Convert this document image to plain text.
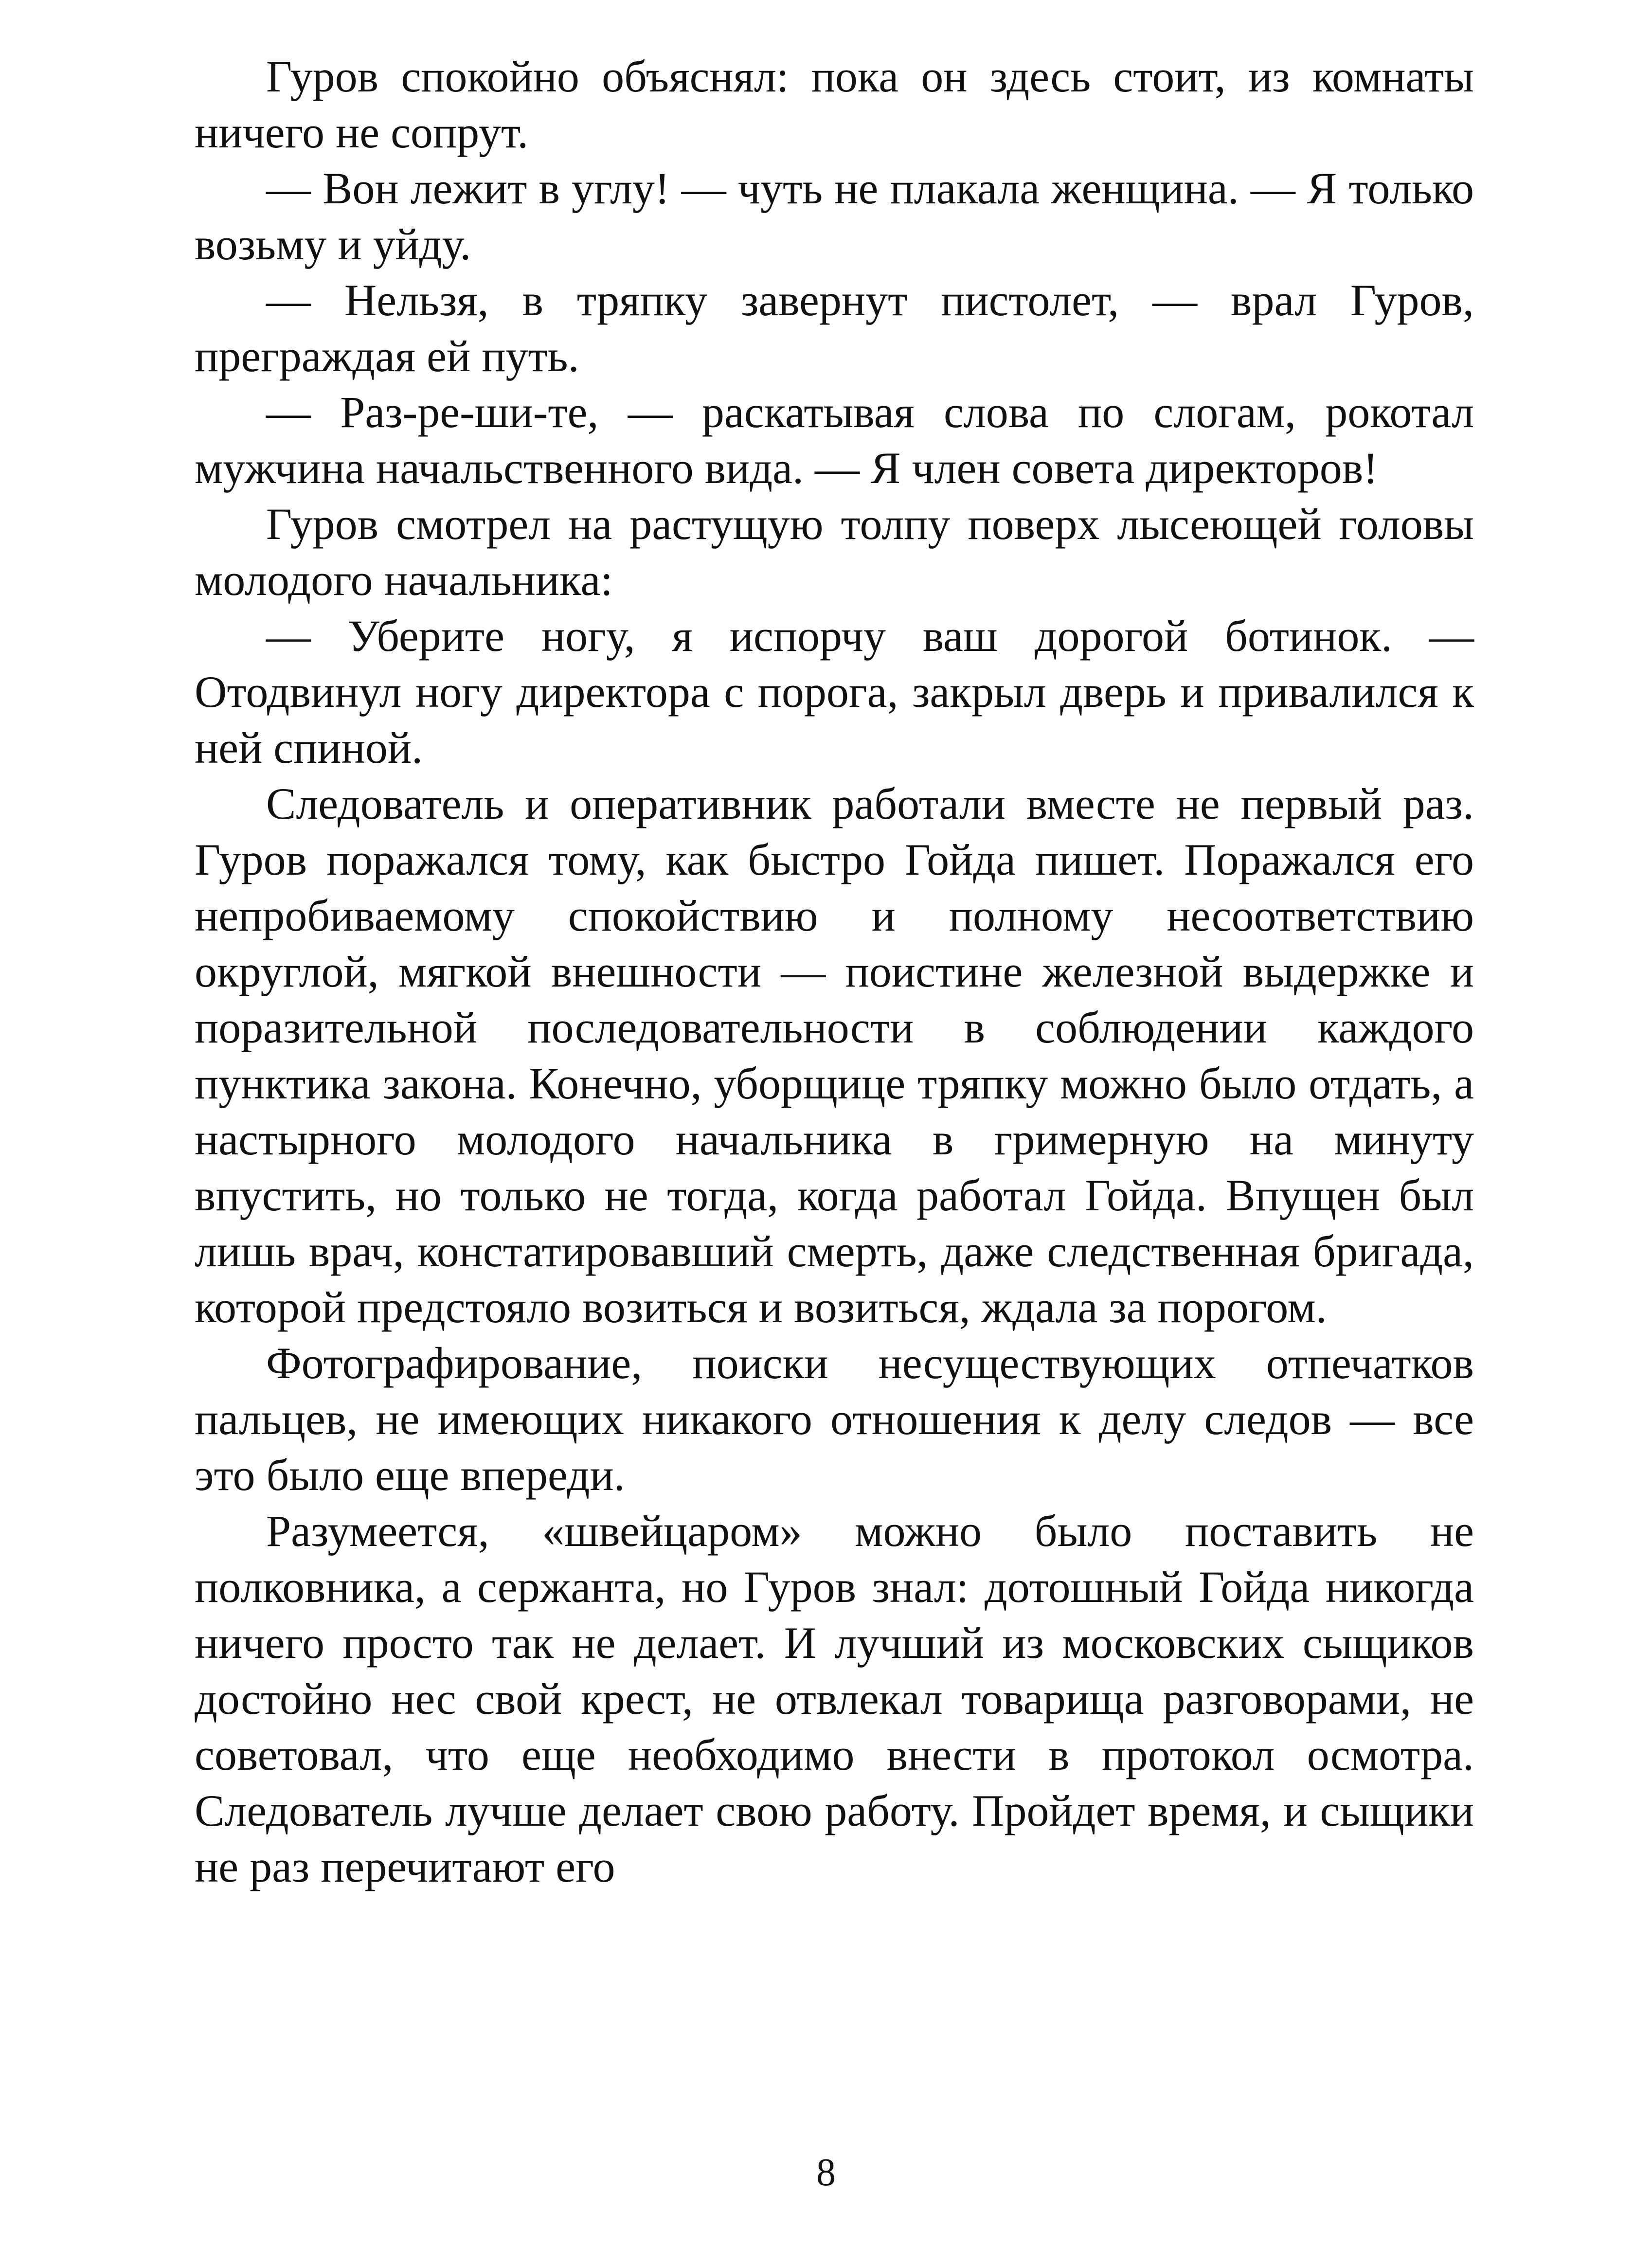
Гуров спокойно объяснял: пока он здесь стоит, из комнаты ничего не сопрут.

— Вон лежит в углу! — чуть не плакала женщина. — Я только возьму и уйду.

— Нельзя, в тряпку завернут пистолет, — врал Гуров, преграждая ей путь.

— Раз-ре-ши-те, — раскатывая слова по слогам, рокотал мужчина начальственного вида. — Я член совета директоров!

Гуров смотрел на растущую толпу поверх лысеющей головы молодого начальника:

— Уберите ногу, я испорчу ваш дорогой ботинок. — Отодвинул ногу директора с порога, закрыл дверь и привалился к ней спиной.

Следователь и оперативник работали вместе не первый раз. Гуров поражался тому, как быстро Гойда пишет. Поражался его непробиваемому спокойствию и полному несоответствию округлой, мягкой внешности — поистине железной выдержке и поразительной последовательности в соблюдении каждого пунктика закона. Конечно, уборщице тряпку можно было отдать, а настырного молодого начальника в гримерную на минуту впустить, но только не тогда, когда работал Гойда. Впущен был лишь врач, констатировавший смерть, даже следственная бригада, которой предстояло возиться и возиться, ждала за порогом.

Фотографирование, поиски несуществующих отпечатков пальцев, не имеющих никакого отношения к делу следов — все это было еще впереди.

Разумеется, «швейцаром» можно было поставить не полковника, а сержанта, но Гуров знал: дотошный Гойда никогда ничего просто так не делает. И лучший из московских сыщиков достойно нес свой крест, не отвлекал товарища разговорами, не советовал, что еще необходимо внести в протокол осмотра. Следователь лучше делает свою работу. Пройдет время, и сыщики не раз перечитают его

8
